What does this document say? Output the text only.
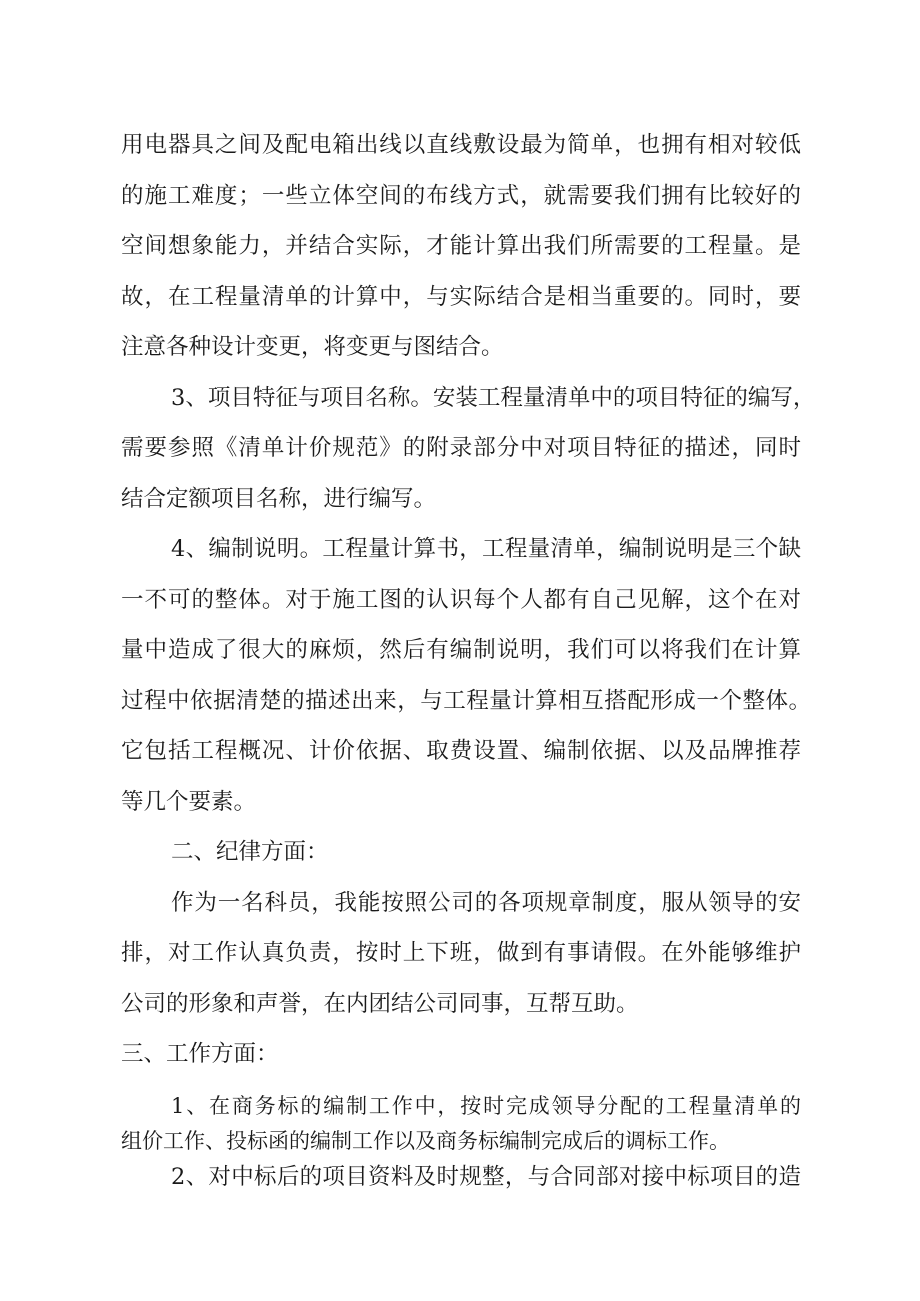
用电器具之间及配电箱出线以直线敷设最为简单，也拥有相对较低
的施工难度；一些立体空间的布线方式，就需要我们拥有比较好的
空间想象能力，并结合实际，才能计算出我们所需要的工程量。是
故，在工程量清单的计算中，与实际结合是相当重要的。同时，要
注意各种设计变更，将变更与图结合。
3、项目特征与项目名称。安装工程量清单中的项目特征的编写，
需要参照《清单计价规范》的附录部分中对项目特征的描述，同时
结合定额项目名称，进行编写。
4、编制说明。工程量计算书，工程量清单，编制说明是三个缺
一不可的整体。对于施工图的认识每个人都有自己见解，这个在对
量中造成了很大的麻烦，然后有编制说明，我们可以将我们在计算
过程中依据清楚的描述出来，与工程量计算相互搭配形成一个整体。
它包括工程概况、计价依据、取费设置、编制依据、以及品牌推荐
等几个要素。
二、纪律方面：
作为一名科员，我能按照公司的各项规章制度，服从领导的安
排，对工作认真负责，按时上下班，做到有事请假。在外能够维护
公司的形象和声誉，在内团结公司同事，互帮互助。
三、工作方面：
1、在商务标的编制工作中，按时完成领导分配的工程量清单的
组价工作、投标函的编制工作以及商务标编制完成后的调标工作。
2、对中标后的项目资料及时规整，与合同部对接中标项目的造
